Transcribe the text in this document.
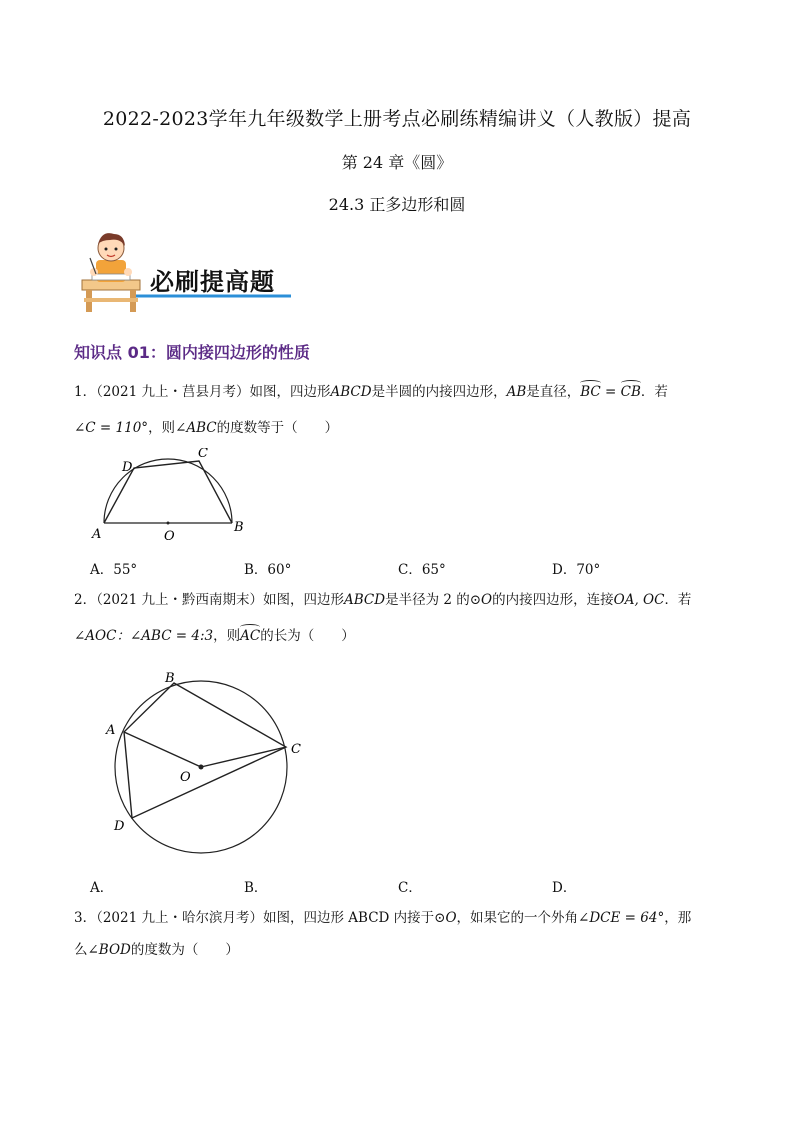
2022-2023学年九年级数学上册考点必刷练精编讲义（人教版）提高
第 24 章《圆》
24.3 正多边形和圆
必刷提高题
知识点 01：圆内接四边形的性质
1．（2021 九上・莒县月考）如图，四边形ABCD是半圆的内接四边形，AB是直径，BC = CB．若
∠C = 110°，则∠ABC的度数等于（　　）
A	B
C
D
O
A．55°	B．60°	C．65°	D．70°
2．（2021 九上・黔西南期末）如图，四边形ABCD是半径为 2 的⊙O的内接四边形，连接OA, OC．若
∠AOC：∠ABC = 4:3，则AC的长为（　　）
A
B
C
D
O
A．	B．	C．	D．
3．（2021 九上・哈尔滨月考）如图，四边形 ABCD 内接于⊙O，如果它的一个外角∠DCE = 64°，那
么∠BOD的度数为（　　）
